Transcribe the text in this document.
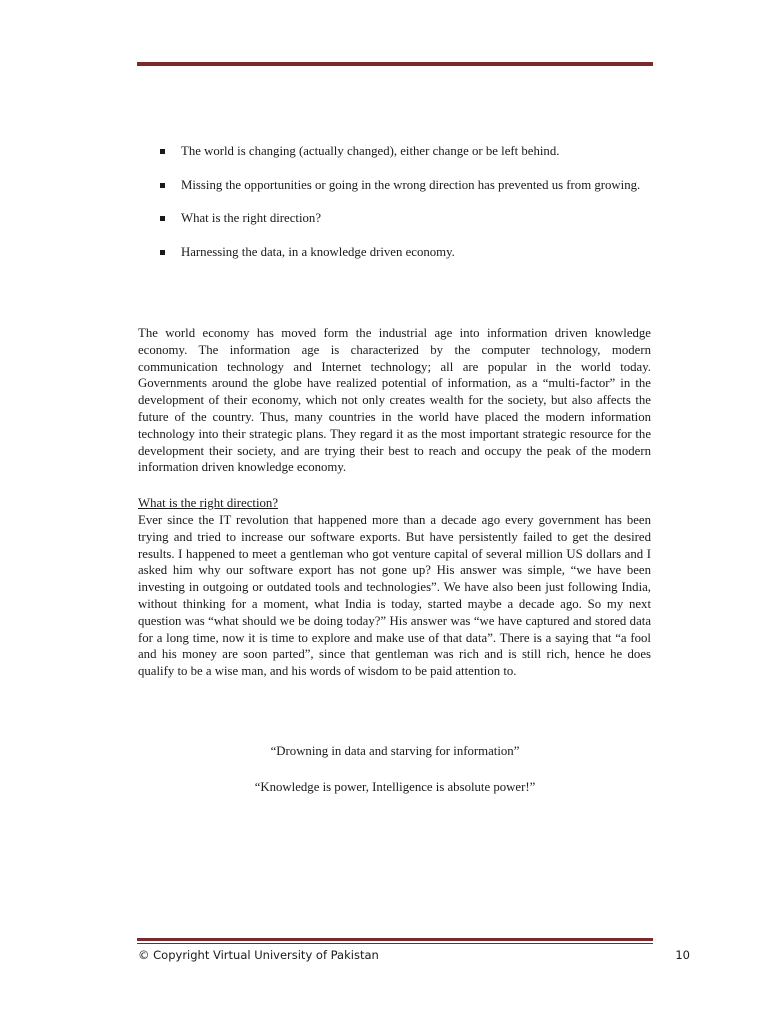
The world is changing (actually changed), either change or be left behind.
Missing the opportunities or going in the wrong direction has prevented us from growing.
What is the right direction?
Harnessing the data, in a knowledge driven economy.

The world economy has moved form the industrial age into information driven knowledge economy. The information age is characterized by the computer technology, modern communication technology and Internet technology; all are popular in the world today. Governments around the globe have realized potential of information, as a “multi-factor” in the development of their economy, which not only creates wealth for the society, but also affects the future of the country. Thus, many countries in the world have placed the modern information technology into their strategic plans. They regard it as the most important strategic resource for the development their society, and are trying their best to reach and occupy the peak of the modern information driven knowledge economy.

What is the right direction?

Ever since the IT revolution that happened more than a decade ago every government has been trying and tried to increase our software exports. But have persistently failed to get the desired results. I happened to meet a gentleman who got venture capital of several million US dollars and I asked him why our software export has not gone up? His answer was simple, “we have been investing in outgoing or outdated tools and technologies”. We have also been just following India, without thinking for a moment, what India is today, started maybe a decade ago. So my next question was “what should we be doing today?” His answer was “we have captured and stored data for a long time, now it is time to explore and make use of that data”. There is a saying that “a fool and his money are soon parted”, since that gentleman was rich and is still rich, hence he does qualify to be a wise man, and his words of wisdom to be paid attention to.

“Drowning in data and starving for information”

“Knowledge is power, Intelligence is absolute power!”

© Copyright Virtual University of Pakistan	10
